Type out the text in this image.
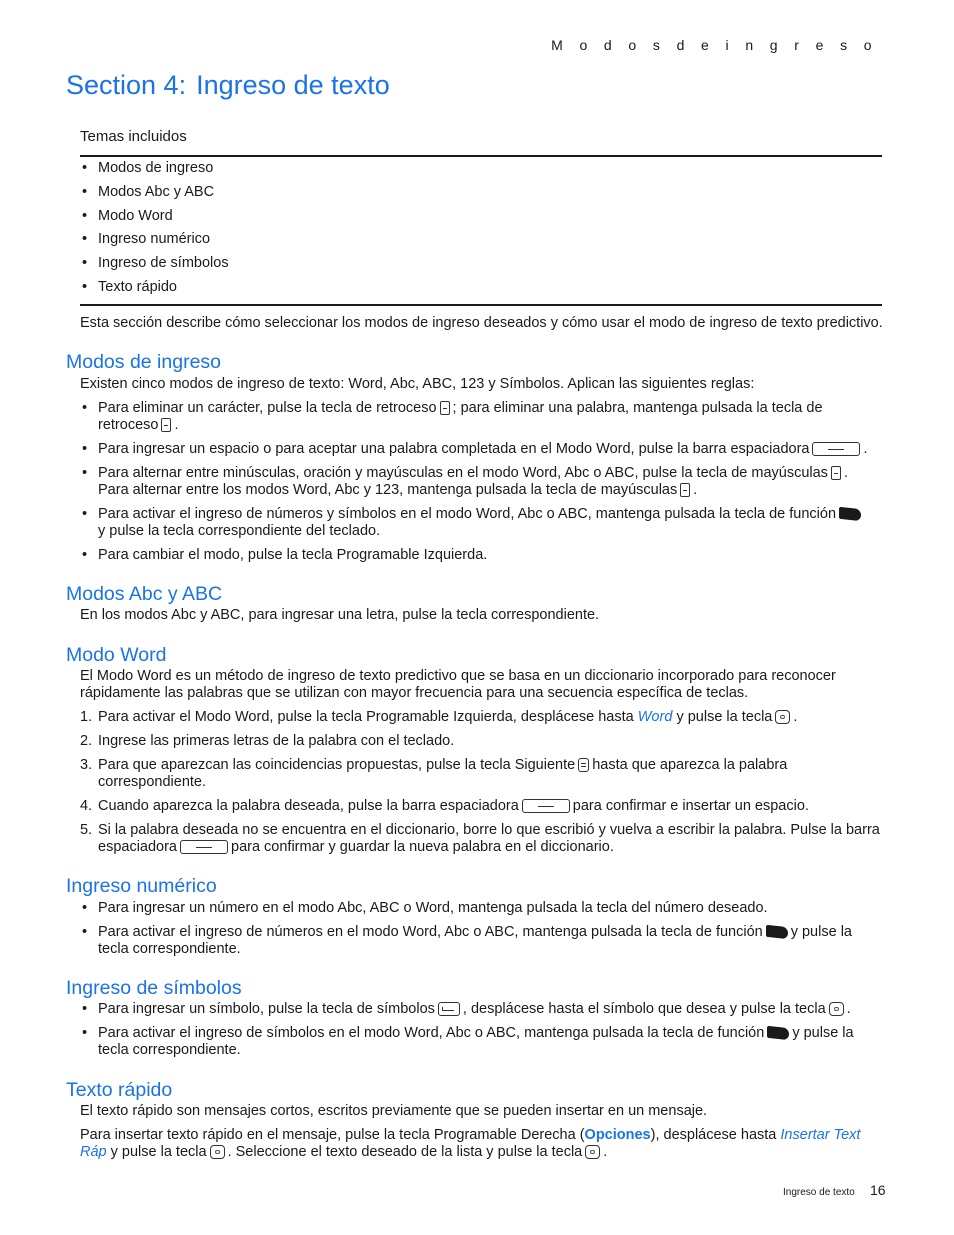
M o d o s d e i n g r e s o
Section 4: Ingreso de texto
Temas incluidos
• Modos de ingreso
• Modos Abc y ABC
• Modo Word
• Ingreso numérico
• Ingreso de símbolos
• Texto rápido
Esta sección describe cómo seleccionar los modos de ingreso deseados y cómo usar el modo de ingreso de texto predictivo.
Modos de ingreso
Existen cinco modos de ingreso de texto: Word, Abc, ABC, 123 y Símbolos. Aplican las siguientes reglas:
• Para eliminar un carácter, pulse la tecla de retroceso ; para eliminar una palabra, mantenga pulsada la tecla de retroceso .
• Para ingresar un espacio o para aceptar una palabra completada en el Modo Word, pulse la barra espaciadora	.
• Para alternar entre minúsculas, oración y mayúsculas en el modo Word, Abc o ABC, pulse la tecla de mayúsculas . Para alternar entre los modos Word, Abc y 123, mantenga pulsada la tecla de mayúsculas .
• Para activar el ingreso de números y símbolos en el modo Word, Abc o ABC, mantenga pulsada la tecla de funcióny pulse la tecla correspondiente del teclado.
• Para cambiar el modo, pulse la tecla Programable Izquierda.
Modos Abc y ABC
En los modos Abc y ABC, para ingresar una letra, pulse la tecla correspondiente.
Modo Word
El Modo Word es un método de ingreso de texto predictivo que se basa en un diccionario incorporado para reconocer rápidamente las palabras que se utilizan con mayor frecuencia para una secuencia específica de teclas.
1. Para activar el Modo Word, pulse la tecla Programable Izquierda, desplácese hasta Word y pulse la tecla .
2. Ingrese las primeras letras de la palabra con el teclado.
3. Para que aparezcan las coincidencias propuestas, pulse la tecla Siguiente hasta que aparezca la palabra correspondiente.
4. Cuando aparezca la palabra deseada, pulse la barra espaciadora	para confirmar e insertar un espacio.
5. Si la palabra deseada no se encuentra en el diccionario, borre lo que escribió y vuelva a escribir la palabra. Pulse la barra espaciadora	para confirmar y guardar la nueva palabra en el diccionario.
Ingreso numérico
• Para ingresar un número en el modo Abc, ABC o Word, mantenga pulsada la tecla del número deseado.
• Para activar el ingreso de números en el modo Word, Abc o ABC, mantenga pulsada la tecla de función y pulse la tecla correspondiente.
Ingreso de símbolos
• Para ingresar un símbolo, pulse la tecla de símbolos , desplácese hasta el símbolo que desea y pulse la tecla .
• Para activar el ingreso de símbolos en el modo Word, Abc o ABC, mantenga pulsada la tecla de función y pulse la tecla correspondiente.
Texto rápido
El texto rápido son mensajes cortos, escritos previamente que se pueden insertar en un mensaje.
Para insertar texto rápido en el mensaje, pulse la tecla Programable Derecha (Opciones), desplácese hasta Insertar Text Ráp y pulse la tecla . Seleccione el texto deseado de la lista y pulse la tecla .
Ingreso de texto 16
